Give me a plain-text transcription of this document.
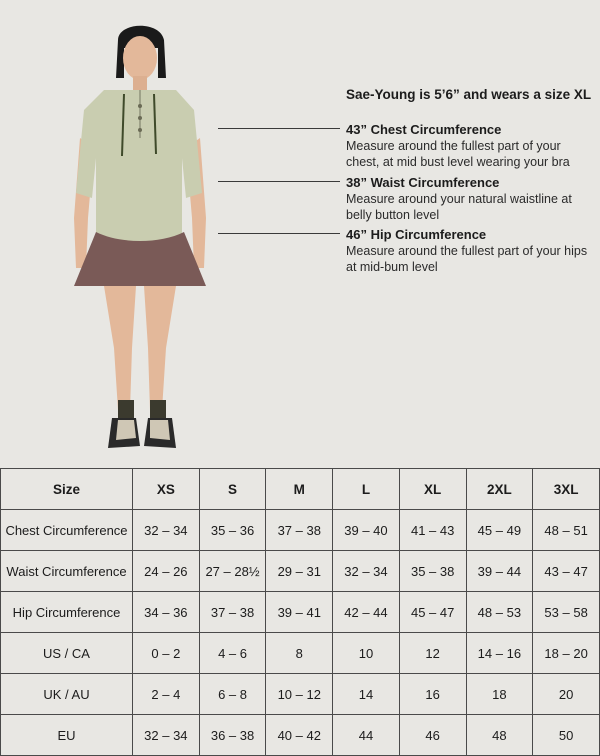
Sae-Young is 5’6” and wears a size XL
43” Chest Circumference
Measure around the fullest part of your
chest, at mid bust level wearing your bra
38” Waist Circumference
Measure around your natural waistline at
belly button level
46” Hip Circumference
Measure around the fullest part of your hips
at mid-bum level
Size	XS	S	M	L	XL	2XL	3XL
Chest Circumference	32 – 34	35 – 36	37 – 38	39 – 40	41 – 43	45 – 49	48 – 51
Waist Circumference	24 – 26	27 – 28½	29 – 31	32 – 34	35 – 38	39 – 44	43 – 47
Hip Circumference	34 – 36	37 – 38	39 – 41	42 – 44	45 – 47	48 – 53	53 – 58
US / CA	0 – 2	4 – 6	8	10	12	14 – 16	18 – 20
UK / AU	2 – 4	6 – 8	10 – 12	14	16	18	20
EU	32 – 34	36 – 38	40 – 42	44	46	48	50
